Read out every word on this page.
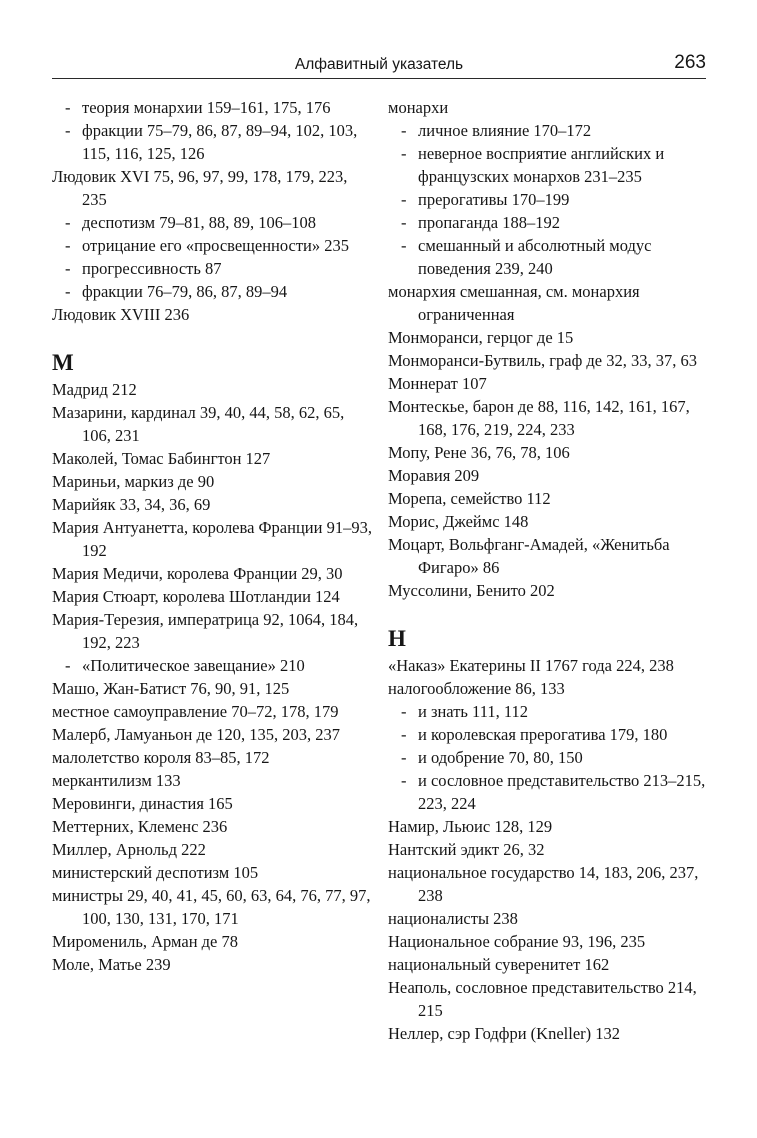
Алфавитный указатель	263
- теория монархии 159–161, 175, 176
- фракции 75–79, 86, 87, 89–94, 102, 103, 115, 116, 125, 126
Людовик XVI 75, 96, 97, 99, 178, 179, 223, 235
- деспотизм 79–81, 88, 89, 106–108
- отрицание его «просвещенности» 235
- прогрессивность 87
- фракции 76–79, 86, 87, 89–94
Людовик XVIII 236
М
Мадрид 212
Мазарини, кардинал 39, 40, 44, 58, 62, 65, 106, 231
Маколей, Томас Бабингтон 127
Мариньи, маркиз де 90
Марийяк 33, 34, 36, 69
Мария Антуанетта, королева Франции 91–93, 192
Мария Медичи, королева Франции 29, 30
Мария Стюарт, королева Шотландии 124
Мария-Терезия, императрица 92, 1064, 184, 192, 223
- «Политическое завещание» 210
Машо, Жан-Батист 76, 90, 91, 125
местное самоуправление 70–72, 178, 179
Малерб, Ламуаньон де 120, 135, 203, 237
малолетство короля 83–85, 172
меркантилизм 133
Меровинги, династия 165
Меттерних, Клеменс 236
Миллер, Арнольд 222
министерский деспотизм 105
министры 29, 40, 41, 45, 60, 63, 64, 76, 77, 97, 100, 130, 131, 170, 171
Миромениль, Арман де 78
Моле, Матье 239
монархи
- личное влияние 170–172
- неверное восприятие английских и французских монархов 231–235
- прерогативы 170–199
- пропаганда 188–192
- смешанный и абсолютный модус поведения 239, 240
монархия смешанная, см. монархия ограниченная
Монморанси, герцог де 15
Монморанси-Бутвиль, граф де 32, 33, 37, 63
Моннерат 107
Монтескье, барон де 88, 116, 142, 161, 167, 168, 176, 219, 224, 233
Мопу, Рене 36, 76, 78, 106
Моравия 209
Морепа, семейство 112
Морис, Джеймс 148
Моцарт, Вольфганг-Амадей, «Женитьба Фигаро» 86
Муссолини, Бенито 202
Н
«Наказ» Екатерины II 1767 года 224, 238
налогообложение 86, 133
- и знать 111, 112
- и королевская прерогатива 179, 180
- и одобрение 70, 80, 150
- и сословное представительство 213–215, 223, 224
Намир, Льюис 128, 129
Нантский эдикт 26, 32
национальное государство 14, 183, 206, 237, 238
националисты 238
Национальное собрание 93, 196, 235
национальный суверенитет 162
Неаполь, сословное представительство 214, 215
Неллер, сэр Годфри (Kneller) 132
